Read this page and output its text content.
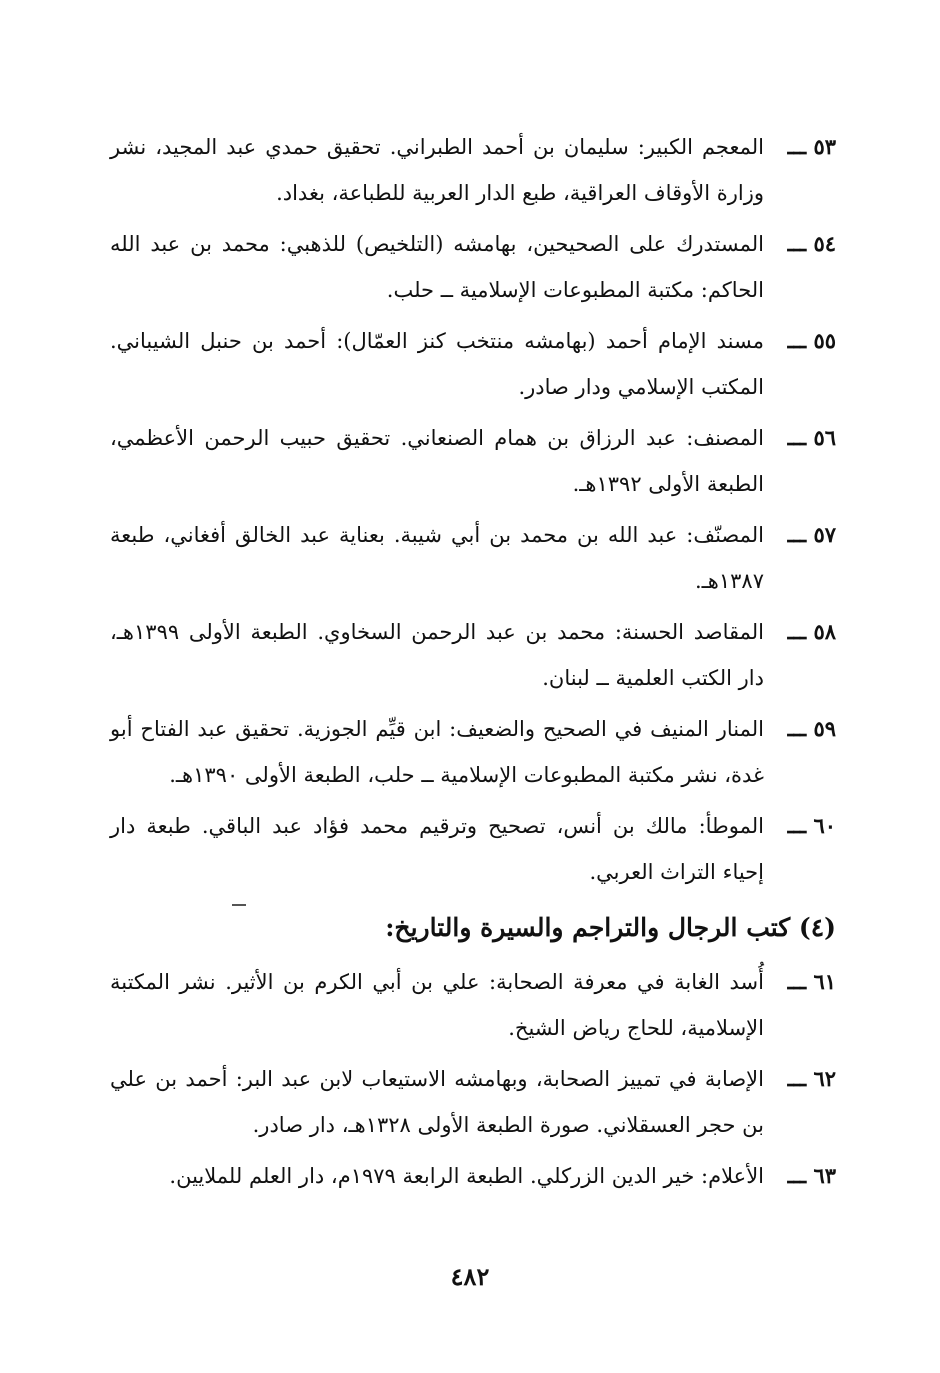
٥٣ ـــ
المعجم الكبير: سليمان بن أحمد الطبراني. تحقيق حمدي عبد المجيد، نشر وزارة الأوقاف العراقية، طبع الدار العربية للطباعة، بغداد.
٥٤ ـــ
المستدرك على الصحيحين، بهامشه (التلخيص) للذهبي: محمد بن عبد الله الحاكم: مكتبة المطبوعات الإسلامية ــ حلب.
٥٥ ـــ
مسند الإمام أحمد (بهامشه منتخب كنز العمّال): أحمد بن حنبل الشيباني. المكتب الإسلامي ودار صادر.
٥٦ ـــ
المصنف: عبد الرزاق بن همام الصنعاني. تحقيق حبيب الرحمن الأعظمي، الطبعة الأولى ١٣٩٢هـ.
٥٧ ـــ
المصنّف: عبد الله بن محمد بن أبي شيبة. بعناية عبد الخالق أفغاني، طبعة ١٣٨٧هـ.
٥٨ ـــ
المقاصد الحسنة: محمد بن عبد الرحمن السخاوي. الطبعة الأولى ١٣٩٩هـ، دار الكتب العلمية ــ لبنان.
٥٩ ـــ
المنار المنيف في الصحيح والضعيف: ابن قيِّم الجوزية. تحقيق عبد الفتاح أبو غدة، نشر مكتبة المطبوعات الإسلامية ــ حلب، الطبعة الأولى ١٣٩٠هـ.
٦٠ ـــ
الموطأ: مالك بن أنس، تصحيح وترقيم محمد فؤاد عبد الباقي. طبعة دار إحياء التراث العربي.
(٤) كتب الرجال والتراجم والسيرة والتاريخ:
٦١ ـــ
أُسد الغابة في معرفة الصحابة: علي بن أبي الكرم بن الأثير. نشر المكتبة الإسلامية، للحاج رياض الشيخ.
٦٢ ـــ
الإصابة في تمييز الصحابة، وبهامشه الاستيعاب لابن عبد البر: أحمد بن علي بن حجر العسقلاني. صورة الطبعة الأولى ١٣٢٨هـ، دار صادر.
٦٣ ـــ
الأعلام: خير الدين الزركلي. الطبعة الرابعة ١٩٧٩م، دار العلم للملايين.
٤٨٢
